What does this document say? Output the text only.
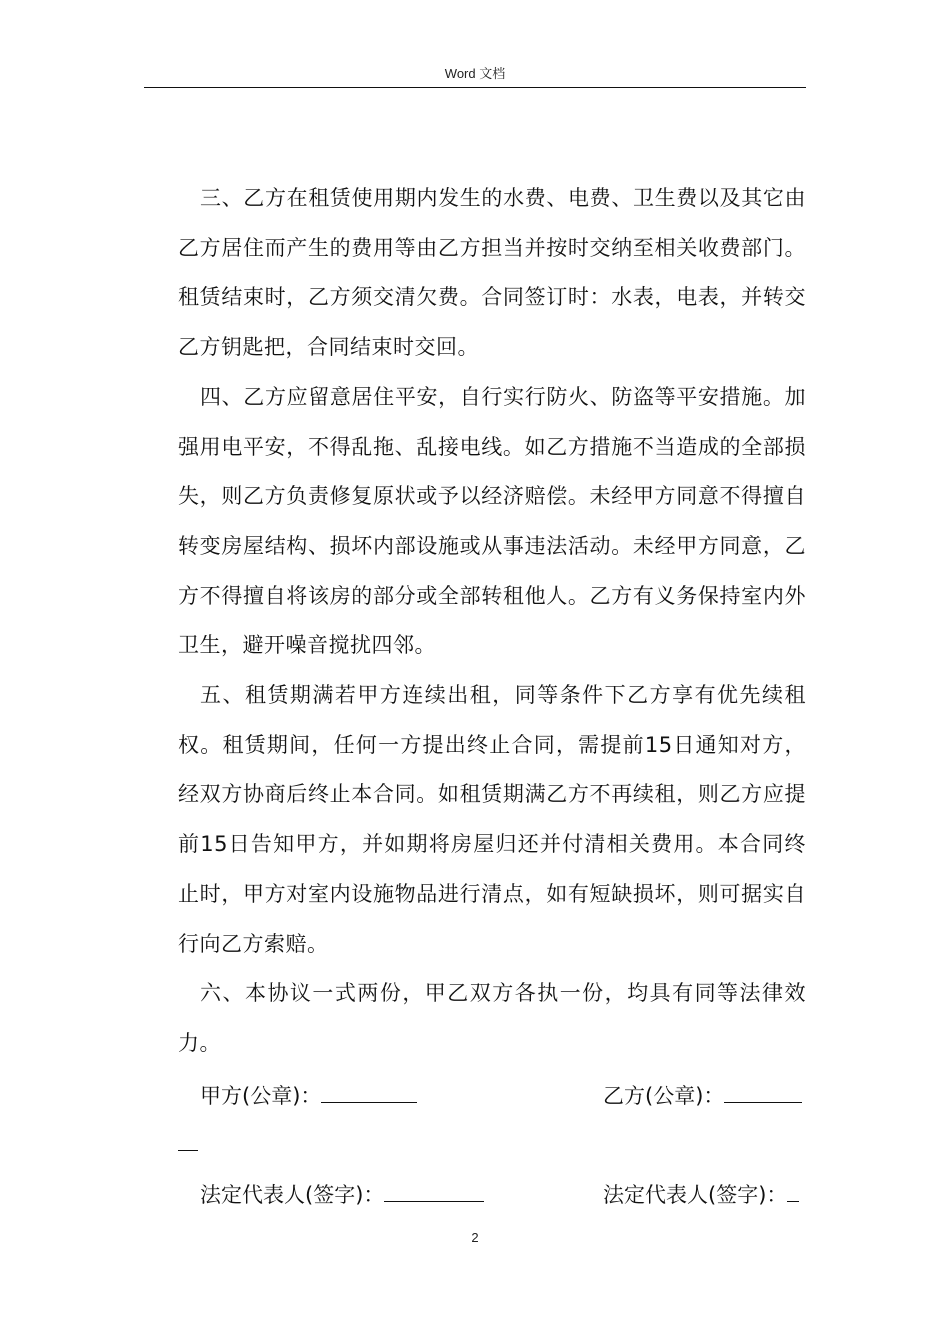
Word 文档

三、乙方在租赁使用期内发生的水费、电费、卫生费以及其它由乙方居住而产生的费用等由乙方担当并按时交纳至相关收费部门。租赁结束时，乙方须交清欠费。合同签订时：水表，电表，并转交乙方钥匙把，合同结束时交回。

四、乙方应留意居住平安，自行实行防火、防盗等平安措施。加强用电平安，不得乱拖、乱接电线。如乙方措施不当造成的全部损失，则乙方负责修复原状或予以经济赔偿。未经甲方同意不得擅自转变房屋结构、损坏内部设施或从事违法活动。未经甲方同意，乙方不得擅自将该房的部分或全部转租他人。乙方有义务保持室内外卫生，避开噪音搅扰四邻。

五、租赁期满若甲方连续出租，同等条件下乙方享有优先续租权。租赁期间，任何一方提出终止合同，需提前15日通知对方，经双方协商后终止本合同。如租赁期满乙方不再续租，则乙方应提前15日告知甲方，并如期将房屋归还并付清相关费用。本合同终止时，甲方对室内设施物品进行清点，如有短缺损坏，则可据实自行向乙方索赔。

六、本协议一式两份，甲乙双方各执一份，均具有同等法律效力。

甲方(公章)：	乙方(公章)：
法定代表人(签字)：	法定代表人(签字)：
2
